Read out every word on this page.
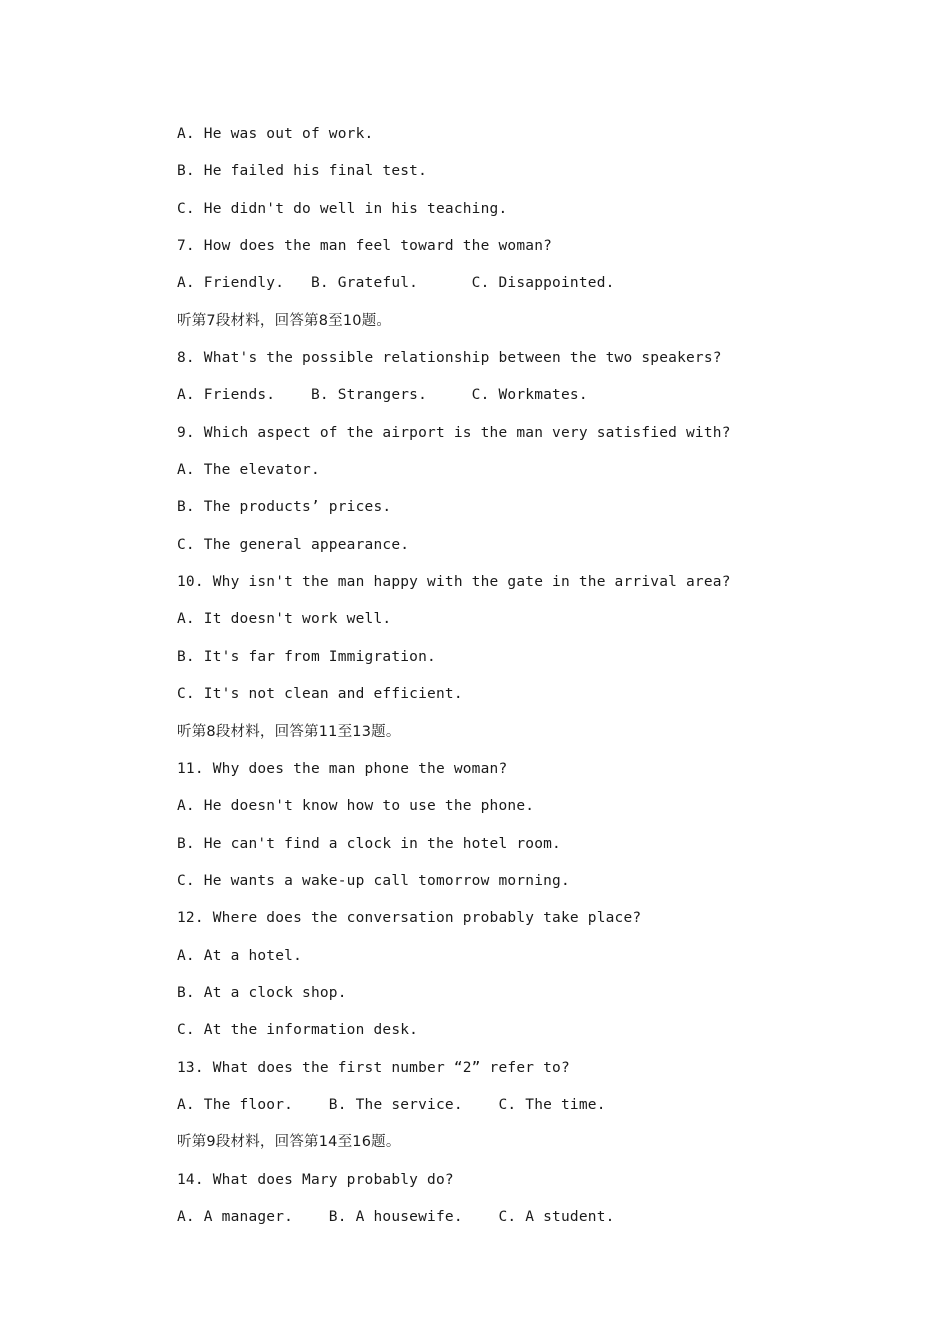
A. He was out of work.
B. He failed his final test.
C. He didn't do well in his teaching.
7. How does the man feel toward the woman?
A. Friendly.   B. Grateful.      C. Disappointed.
听第7段材料，回答第8至10题。
8. What's the possible relationship between the two speakers?
A. Friends.    B. Strangers.     C. Workmates.
9. Which aspect of the airport is the man very satisfied with?
A. The elevator.
B. The products’ prices.
C. The general appearance.
10. Why isn't the man happy with the gate in the arrival area?
A. It doesn't work well.
B. It's far from Immigration.
C. It's not clean and efficient.
听第8段材料，回答第11至13题。
11. Why does the man phone the woman?
A. He doesn't know how to use the phone.
B. He can't find a clock in the hotel room.
C. He wants a wake-up call tomorrow morning.
12. Where does the conversation probably take place?
A. At a hotel.
B. At a clock shop.
C. At the information desk.
13. What does the first number “2” refer to?
A. The floor.    B. The service.    C. The time.
听第9段材料，回答第14至16题。
14. What does Mary probably do?
A. A manager.    B. A housewife.    C. A student.
